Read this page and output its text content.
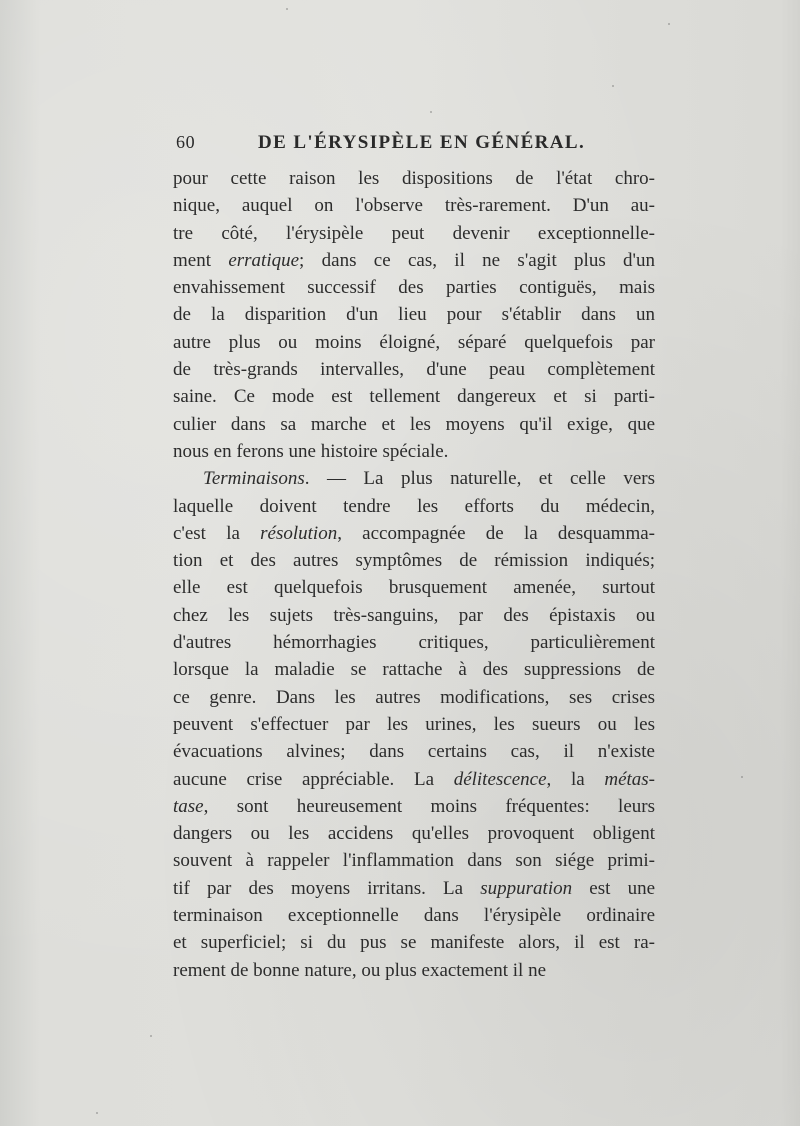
60	DE L'ÉRYSIPÈLE EN GÉNÉRAL.
pour cette raison les dispositions de l'état chro-
nique, auquel on l'observe très-rarement. D'un au-
tre côté, l'érysipèle peut devenir exceptionnelle-
ment erratique; dans ce cas, il ne s'agit plus d'un
envahissement successif des parties contiguës, mais
de la disparition d'un lieu pour s'établir dans un
autre plus ou moins éloigné, séparé quelquefois par
de très-grands intervalles, d'une peau complètement
saine. Ce mode est tellement dangereux et si parti-
culier dans sa marche et les moyens qu'il exige, que
nous en ferons une histoire spéciale.
Terminaisons. — La plus naturelle, et celle vers
laquelle doivent tendre les efforts du médecin,
c'est la résolution, accompagnée de la desquamma-
tion et des autres symptômes de rémission indiqués;
elle est quelquefois brusquement amenée, surtout
chez les sujets très-sanguins, par des épistaxis ou
d'autres hémorrhagies critiques, particulièrement
lorsque la maladie se rattache à des suppressions de
ce genre. Dans les autres modifications, ses crises
peuvent s'effectuer par les urines, les sueurs ou les
évacuations alvines; dans certains cas, il n'existe
aucune crise appréciable. La délitescence, la métas-
tase, sont heureusement moins fréquentes: leurs
dangers ou les accidens qu'elles provoquent obligent
souvent à rappeler l'inflammation dans son siége primi-
tif par des moyens irritans. La suppuration est une
terminaison exceptionnelle dans l'érysipèle ordinaire
et superficiel; si du pus se manifeste alors, il est ra-
rement de bonne nature, ou plus exactement il ne
